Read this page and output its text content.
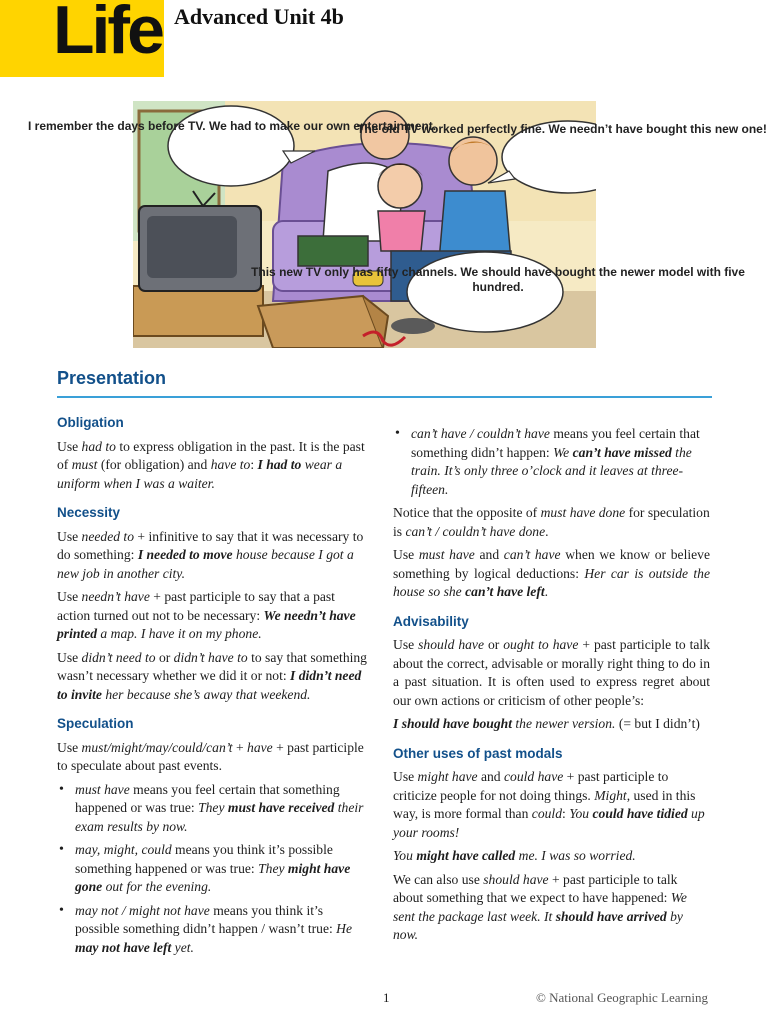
Life Advanced Unit 4b
I remember the days before TV. We had to make our own entertainment.
The old TV worked perfectly fine. We needn’t have bought this new one!
This new TV only has fifty channels. We should have bought the newer model with five hundred.
Presentation
Obligation

Use had to to express obligation in the past. It is the past of must (for obligation) and have to: I had to wear a uniform when I was a waiter.

Necessity

Use needed to + infinitive to say that it was necessary to do something: I needed to move house because I got a new job in another city.

Use needn’t have + past participle to say that a past action turned out not to be necessary: We needn’t have printed a map. I have it on my phone.

Use didn’t need to or didn’t have to to say that something wasn’t necessary whether we did it or not: I didn’t need to invite her because she’s away that weekend.

Speculation

Use must/might/may/could/can’t + have + past participle to speculate about past events.

• must have means you feel certain that something happened or was true: They must have received their exam results by now.
• may, might, could means you think it’s possible something happened or was true: They might have gone out for the evening.
• may not / might not have means you think it’s possible something didn’t happen / wasn’t true: He may not have left yet.
• can’t have / couldn’t have means you feel certain that something didn’t happen: We can’t have missed the train. It’s only three o’clock and it leaves at three-fifteen.

Notice that the opposite of must have done for speculation is can’t / couldn’t have done.

Use must have and can’t have when we know or believe something by logical deductions: Her car is outside the house so she can’t have left.

Advisability

Use should have or ought to have + past participle to talk about the correct, advisable or morally right thing to do in a past situation. It is often used to express regret about our own actions or criticism of other people’s:

I should have bought the newer version. (= but I didn’t)

Other uses of past modals

Use might have and could have + past participle to criticize people for not doing things. Might, used in this way, is more formal than could: You could have tidied up your rooms!

You might have called me. I was so worried.

We can also use should have + past participle to talk about something that we expect to have happened: We sent the package last week. It should have arrived by now.

1	© National Geographic Learning
